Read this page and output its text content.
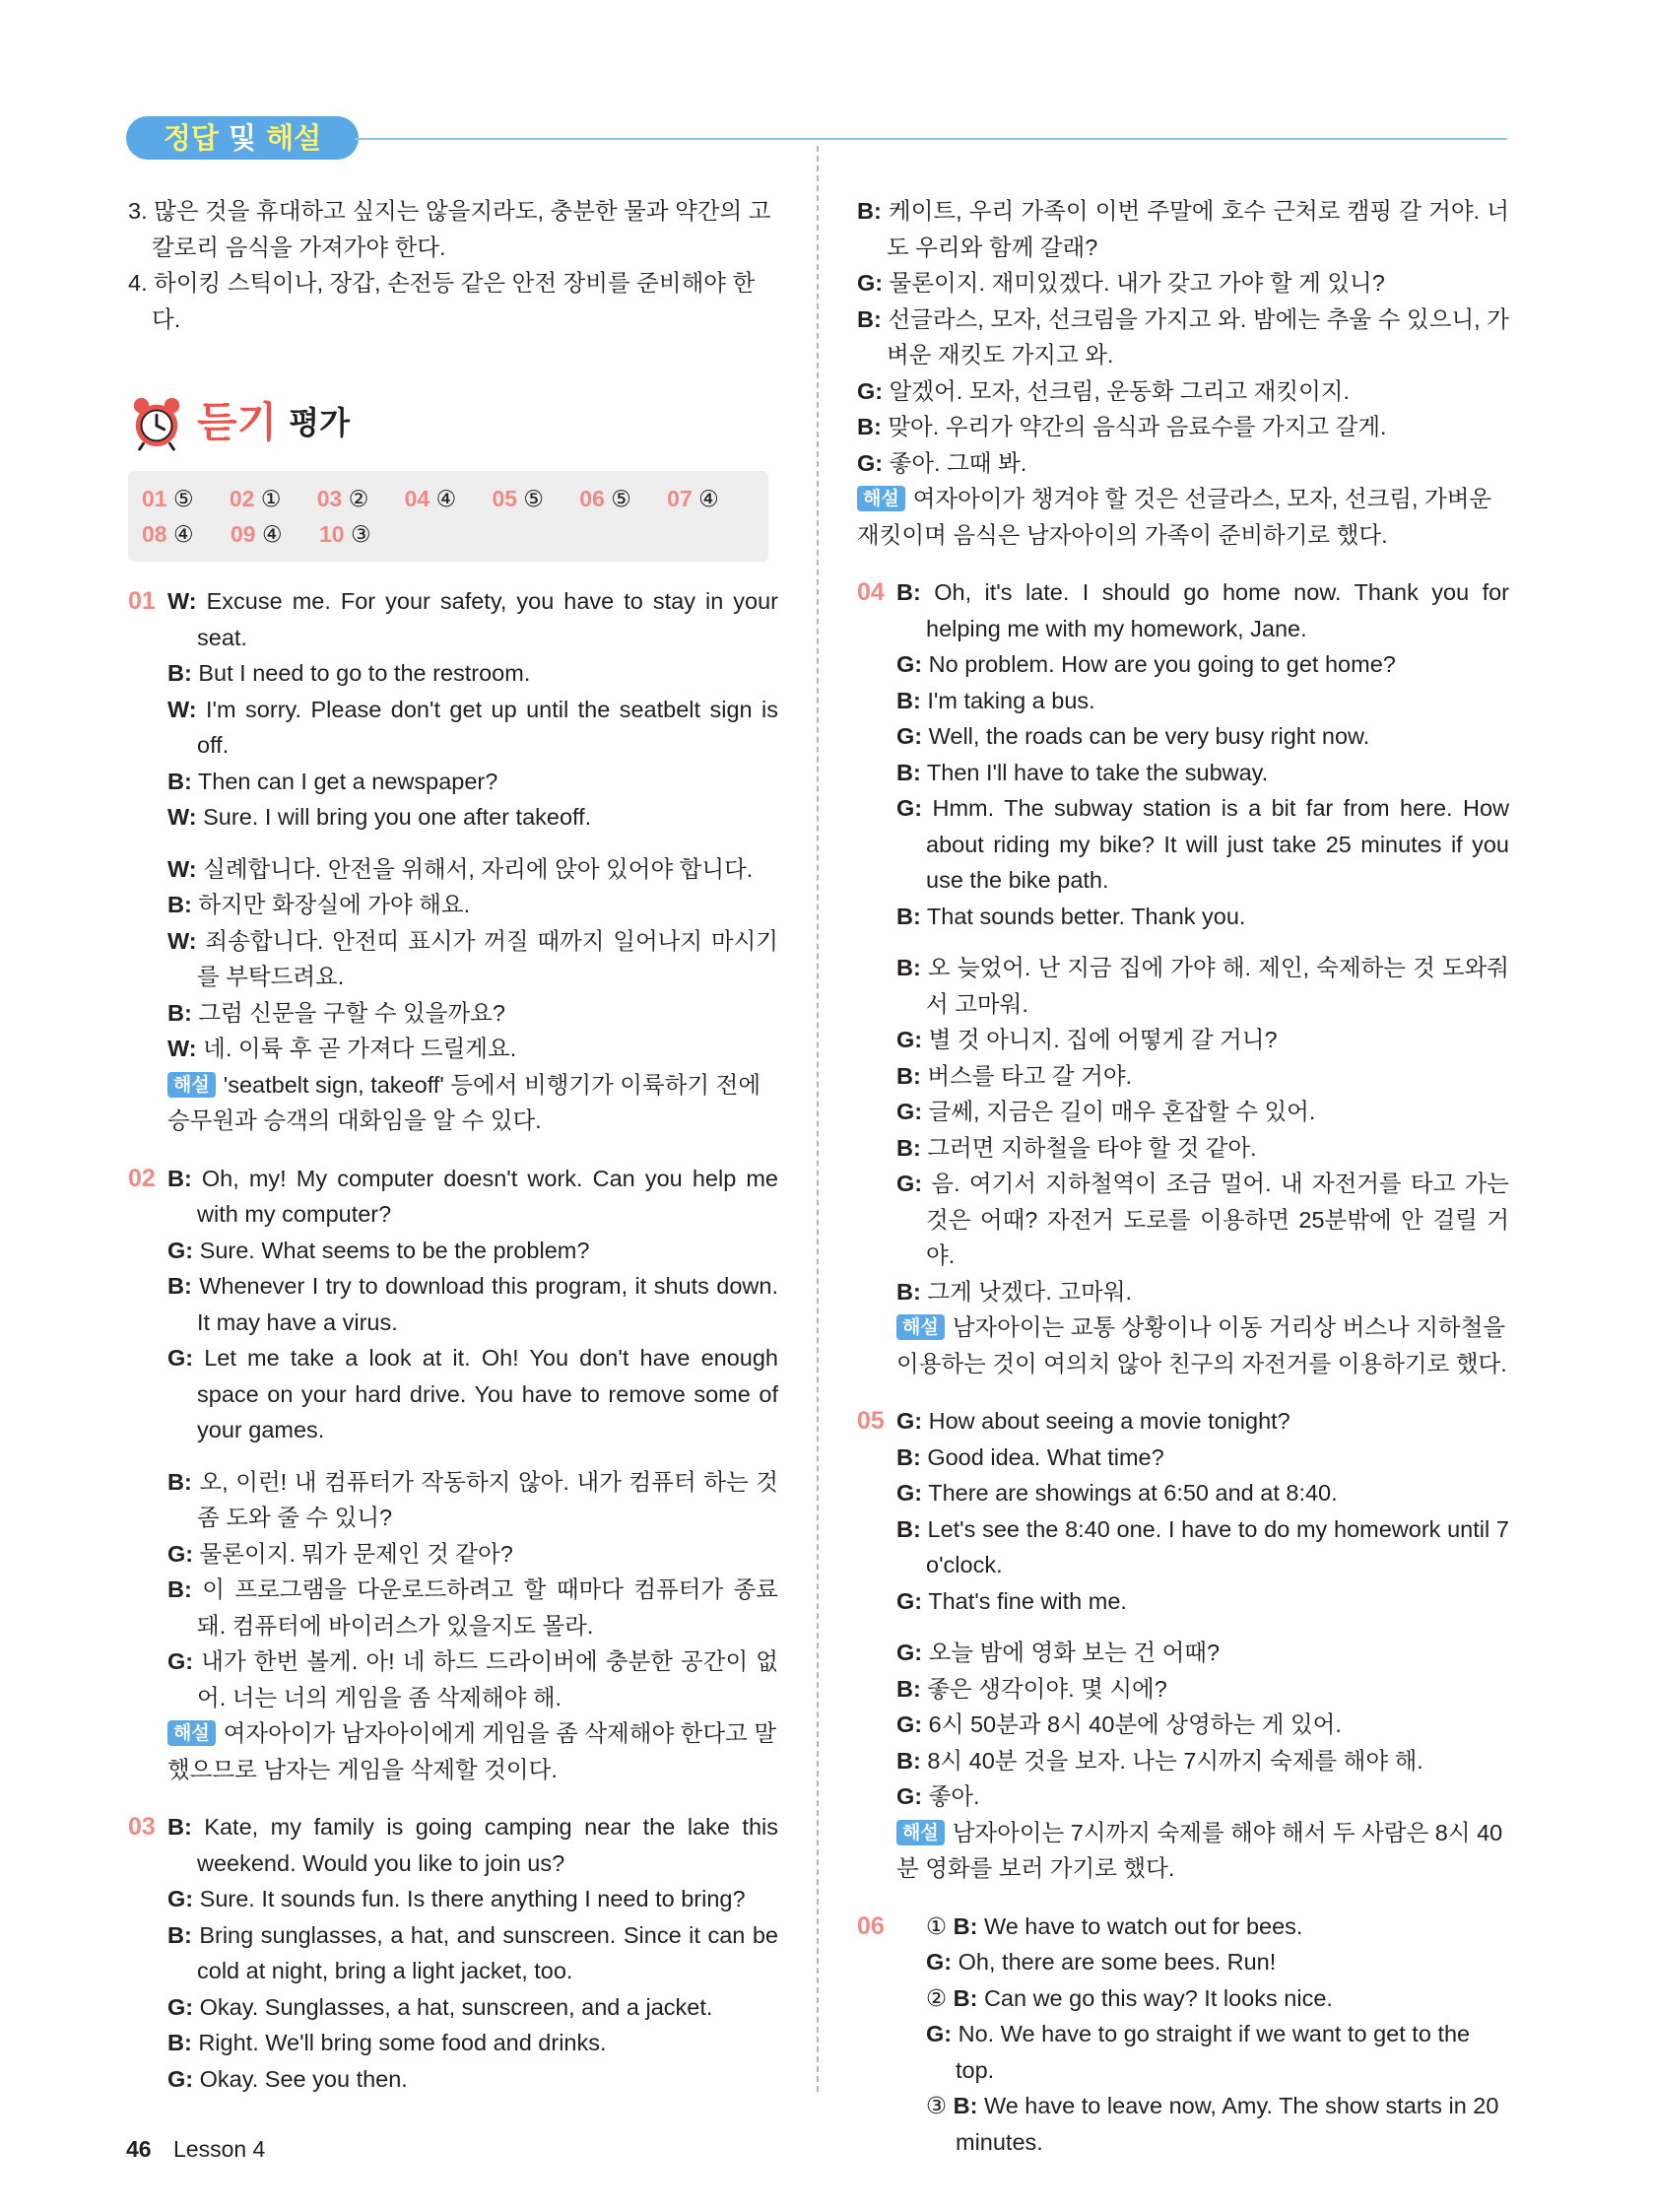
정답 및 해설

3. 많은 것을 휴대하고 싶지는 않을지라도, 충분한 물과 약간의 고칼로리 음식을 가져가야 한다.

4. 하이킹 스틱이나, 장갑, 손전등 같은 안전 장비를 준비해야 한다.

듣기 평가
01 ⑤	02 ①	03 ②	04 ④	05 ⑤	06 ⑤	07 ④
08 ④	09 ④	10 ③
01 W: Excuse me. For your safety, you have to stay in your seat.

B: But I need to go to the restroom.

W: I'm sorry. Please don't get up until the seatbelt sign is off.

B: Then can I get a newspaper?

W: Sure. I will bring you one after takeoff.

W: 실례합니다. 안전을 위해서, 자리에 앉아 있어야 합니다.

B: 하지만 화장실에 가야 해요.

W: 죄송합니다. 안전띠 표시가 꺼질 때까지 일어나지 마시기를 부탁드려요.

B: 그럼 신문을 구할 수 있을까요?

W: 네. 이륙 후 곧 가져다 드릴게요.

해설 'seatbelt sign, takeoff' 등에서 비행기가 이륙하기 전에 승무원과 승객의 대화임을 알 수 있다.

02 B: Oh, my! My computer doesn't work. Can you help me with my computer?

G: Sure. What seems to be the problem?

B: Whenever I try to download this program, it shuts down. It may have a virus.

G: Let me take a look at it. Oh! You don't have enough space on your hard drive. You have to remove some of your games.

B: 오, 이런! 내 컴퓨터가 작동하지 않아. 내가 컴퓨터 하는 것 좀 도와 줄 수 있니?

G: 물론이지. 뭐가 문제인 것 같아?

B: 이 프로그램을 다운로드하려고 할 때마다 컴퓨터가 종료 돼. 컴퓨터에 바이러스가 있을지도 몰라.

G: 내가 한번 볼게. 아! 네 하드 드라이버에 충분한 공간이 없어. 너는 너의 게임을 좀 삭제해야 해.

해설 여자아이가 남자아이에게 게임을 좀 삭제해야 한다고 말했으므로 남자는 게임을 삭제할 것이다.

03 B: Kate, my family is going camping near the lake this weekend. Would you like to join us?

G: Sure. It sounds fun. Is there anything I need to bring?

B: Bring sunglasses, a hat, and sunscreen. Since it can be cold at night, bring a light jacket, too.

G: Okay. Sunglasses, a hat, sunscreen, and a jacket.

B: Right. We'll bring some food and drinks.

G: Okay. See you then.

B: 케이트, 우리 가족이 이번 주말에 호수 근처로 캠핑 갈 거야. 너도 우리와 함께 갈래?

G: 물론이지. 재미있겠다. 내가 갖고 가야 할 게 있니?

B: 선글라스, 모자, 선크림을 가지고 와. 밤에는 추울 수 있으니, 가벼운 재킷도 가지고 와.

G: 알겠어. 모자, 선크림, 운동화 그리고 재킷이지.

B: 맞아. 우리가 약간의 음식과 음료수를 가지고 갈게.

G: 좋아. 그때 봐.

해설 여자아이가 챙겨야 할 것은 선글라스, 모자, 선크림, 가벼운 재킷이며 음식은 남자아이의 가족이 준비하기로 했다.

04 B: Oh, it's late. I should go home now. Thank you for helping me with my homework, Jane.

G: No problem. How are you going to get home?

B: I'm taking a bus.

G: Well, the roads can be very busy right now.

B: Then I'll have to take the subway.

G: Hmm. The subway station is a bit far from here. How about riding my bike? It will just take 25 minutes if you use the bike path.

B: That sounds better. Thank you.

B: 오 늦었어. 난 지금 집에 가야 해. 제인, 숙제하는 것 도와줘서 고마워.

G: 별 것 아니지. 집에 어떻게 갈 거니?

B: 버스를 타고 갈 거야.

G: 글쎄, 지금은 길이 매우 혼잡할 수 있어.

B: 그러면 지하철을 타야 할 것 같아.

G: 음. 여기서 지하철역이 조금 멀어. 내 자전거를 타고 가는 것은 어때? 자전거 도로를 이용하면 25분밖에 안 걸릴 거야.

B: 그게 낫겠다. 고마워.

해설 남자아이는 교통 상황이나 이동 거리상 버스나 지하철을 이용하는 것이 여의치 않아 친구의 자전거를 이용하기로 했다.

05 G: How about seeing a movie tonight?

B: Good idea. What time?

G: There are showings at 6:50 and at 8:40.

B: Let's see the 8:40 one. I have to do my homework until 7 o'clock.

G: That's fine with me.

G: 오늘 밤에 영화 보는 건 어때?

B: 좋은 생각이야. 몇 시에?

G: 6시 50분과 8시 40분에 상영하는 게 있어.

B: 8시 40분 것을 보자. 나는 7시까지 숙제를 해야 해.

G: 좋아.

해설 남자아이는 7시까지 숙제를 해야 해서 두 사람은 8시 40분 영화를 보러 가기로 했다.

06	① B: We have to watch out for bees.

G: Oh, there are some bees. Run!

② B: Can we go this way? It looks nice.

G: No. We have to go straight if we want to get to the top.

③ B: We have to leave now, Amy. The show starts in 20 minutes.

46 Lesson 4
